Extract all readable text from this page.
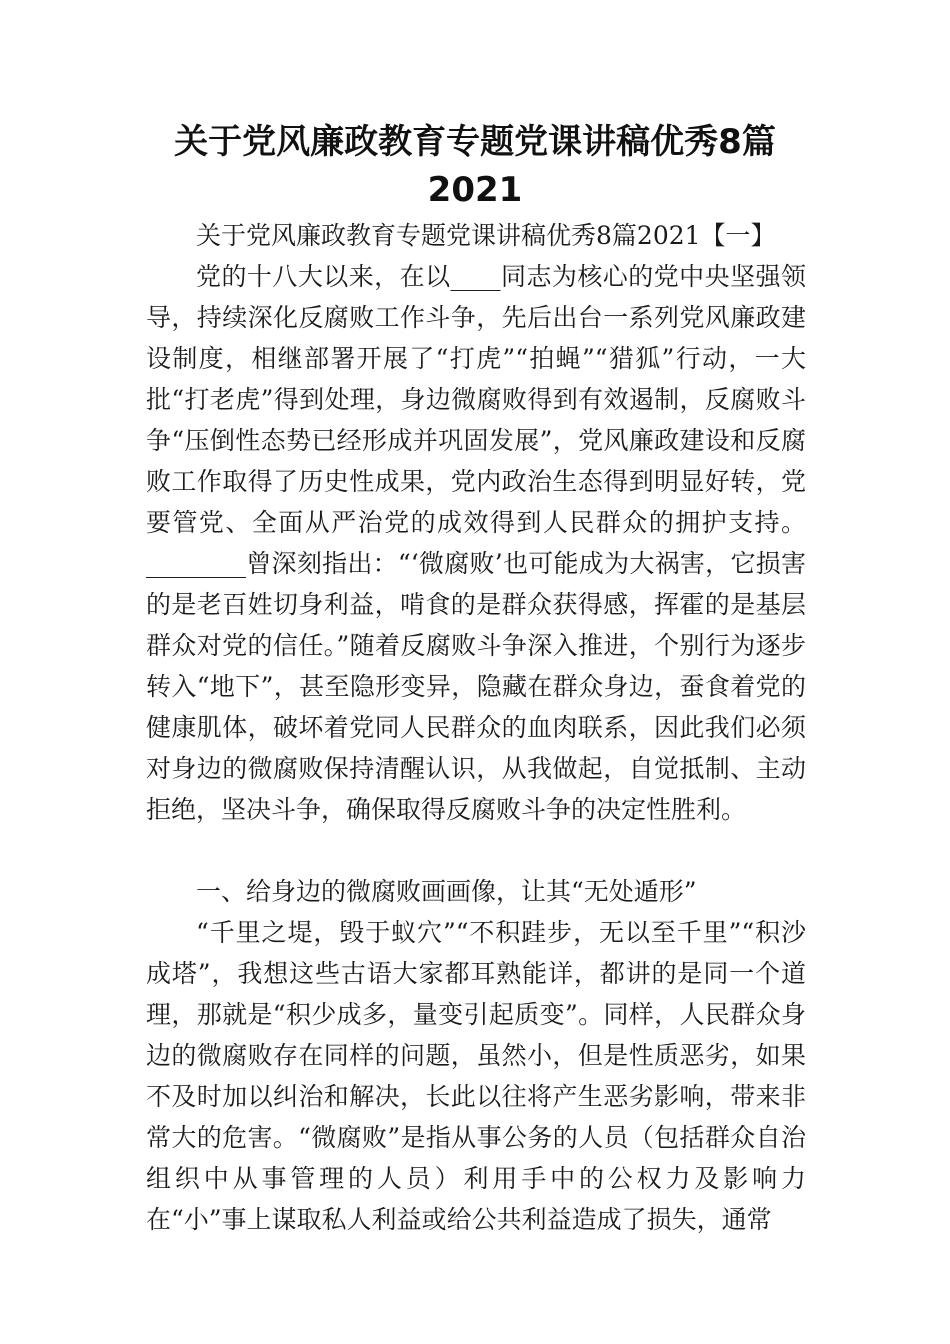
关于党风廉政教育专题党课讲稿优秀8篇
2021

关于党风廉政教育专题党课讲稿优秀8篇2021【一】

党的十八大以来，在以____同志为核心的党中央坚强领导，持续深化反腐败工作斗争，先后出台一系列党风廉政建设制度，相继部署开展了“打虎”“拍蝇”“猎狐”行动，一大批“打老虎”得到处理，身边微腐败得到有效遏制，反腐败斗争“压倒性态势已经形成并巩固发展”，党风廉政建设和反腐败工作取得了历史性成果，党内政治生态得到明显好转，党要管党、全面从严治党的成效得到人民群众的拥护支持。________曾深刻指出：“‘微腐败’也可能成为大祸害，它损害的是老百姓切身利益，啃食的是群众获得感，挥霍的是基层群众对党的信任。”随着反腐败斗争深入推进，个别行为逐步转入“地下”，甚至隐形变异，隐藏在群众身边，蚕食着党的健康肌体，破坏着党同人民群众的血肉联系，因此我们必须对身边的微腐败保持清醒认识，从我做起，自觉抵制、主动拒绝，坚决斗争，确保取得反腐败斗争的决定性胜利。

一、给身边的微腐败画画像，让其“无处遁形”

“千里之堤，毁于蚁穴”“不积跬步，无以至千里”“积沙成塔”，我想这些古语大家都耳熟能详，都讲的是同一个道理，那就是“积少成多，量变引起质变”。同样，人民群众身边的微腐败存在同样的问题，虽然小，但是性质恶劣，如果不及时加以纠治和解决，长此以往将产生恶劣影响，带来非常大的危害。“微腐败”是指从事公务的人员（包括群众自治组织中从事管理的人员）利用手中的公权力及影响力在“小”事上谋取私人利益或给公共利益造成了损失，通常
